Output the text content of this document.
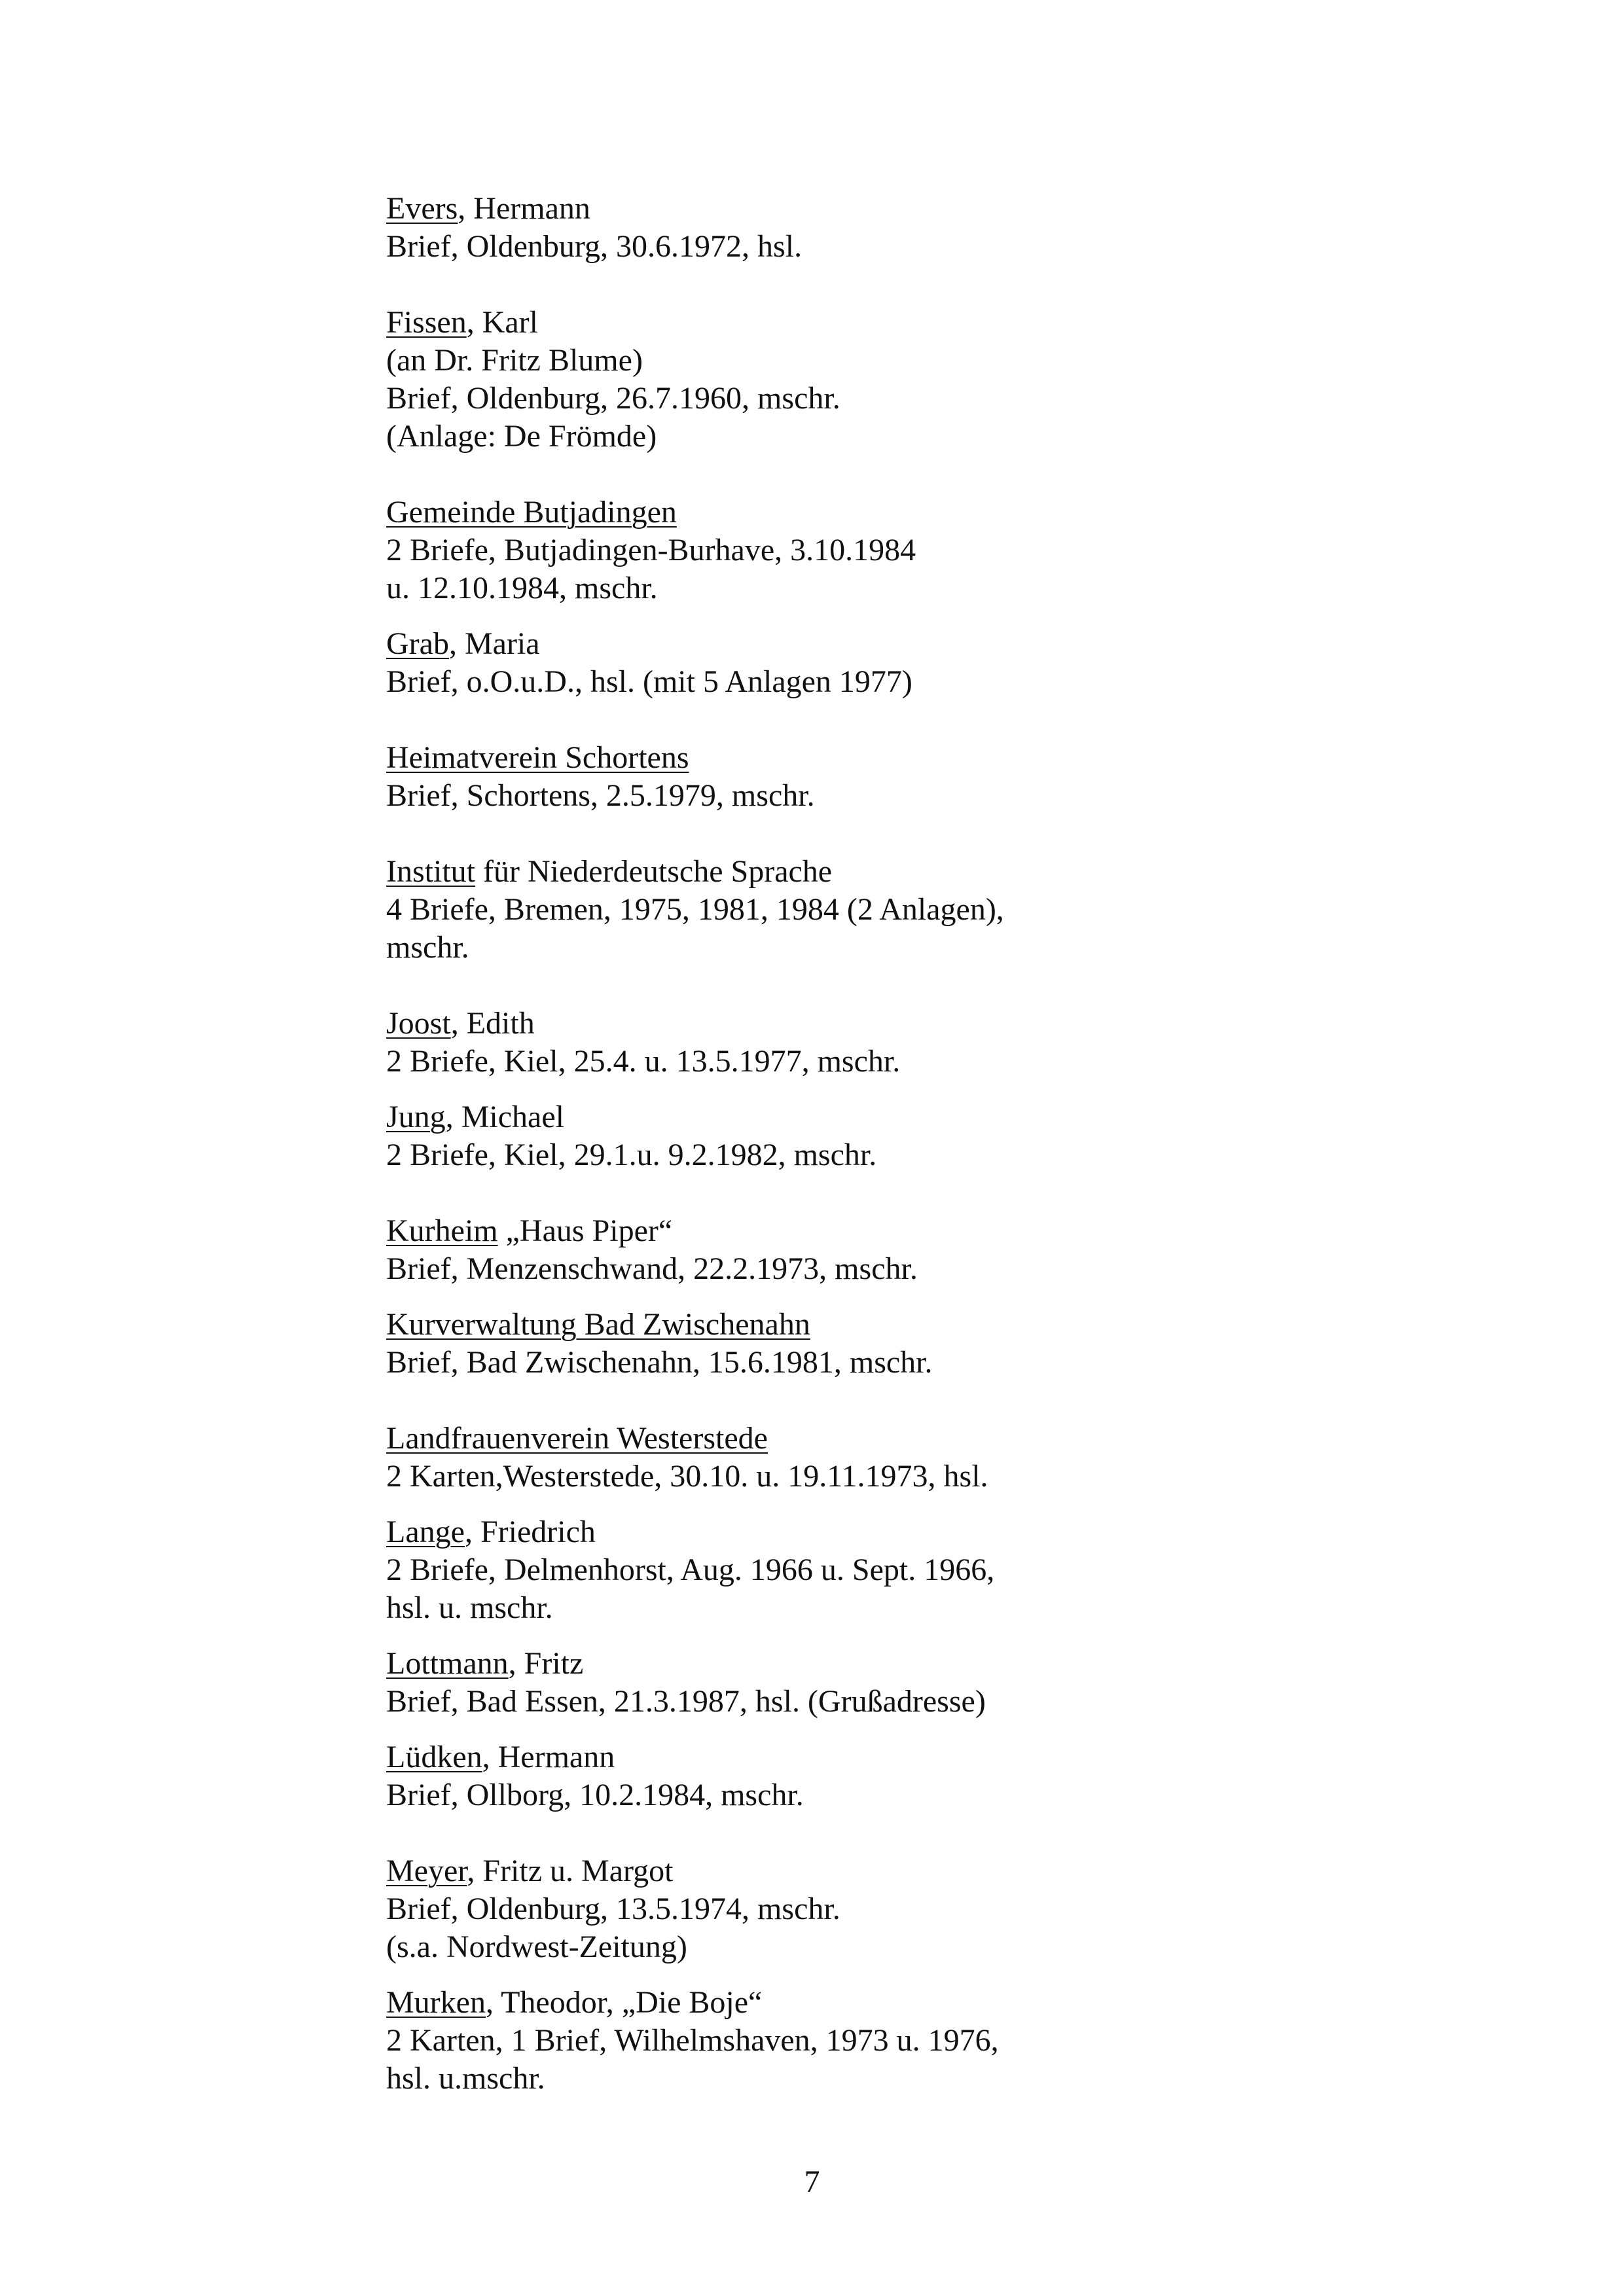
Evers, Hermann
Brief, Oldenburg, 30.6.1972, hsl.
Fissen, Karl
(an Dr. Fritz Blume)
Brief, Oldenburg, 26.7.1960, mschr.
(Anlage: De Frömde)
Gemeinde Butjadingen
2 Briefe, Butjadingen-Burhave, 3.10.1984
u. 12.10.1984, mschr.
Grab, Maria
Brief, o.O.u.D., hsl. (mit 5 Anlagen 1977)
Heimatverein Schortens
Brief, Schortens, 2.5.1979, mschr.
Institut für Niederdeutsche Sprache
4 Briefe, Bremen, 1975, 1981, 1984 (2 Anlagen),
mschr.
Joost, Edith
2 Briefe, Kiel, 25.4. u. 13.5.1977, mschr.
Jung, Michael
2 Briefe, Kiel, 29.1.u. 9.2.1982, mschr.
Kurheim „Haus Piper“
Brief, Menzenschwand, 22.2.1973, mschr.
Kurverwaltung Bad Zwischenahn
Brief, Bad Zwischenahn, 15.6.1981, mschr.
Landfrauenverein Westerstede
2 Karten,Westerstede, 30.10. u. 19.11.1973, hsl.
Lange, Friedrich
2 Briefe, Delmenhorst, Aug. 1966 u. Sept. 1966,
hsl. u. mschr.
Lottmann, Fritz
Brief, Bad Essen, 21.3.1987, hsl. (Grußadresse)
Lüdken, Hermann
Brief, Ollborg, 10.2.1984, mschr.
Meyer, Fritz u. Margot
Brief, Oldenburg, 13.5.1974, mschr.
(s.a. Nordwest-Zeitung)
Murken, Theodor, „Die Boje“
2 Karten, 1 Brief, Wilhelmshaven, 1973 u. 1976,
hsl. u.mschr.
7
